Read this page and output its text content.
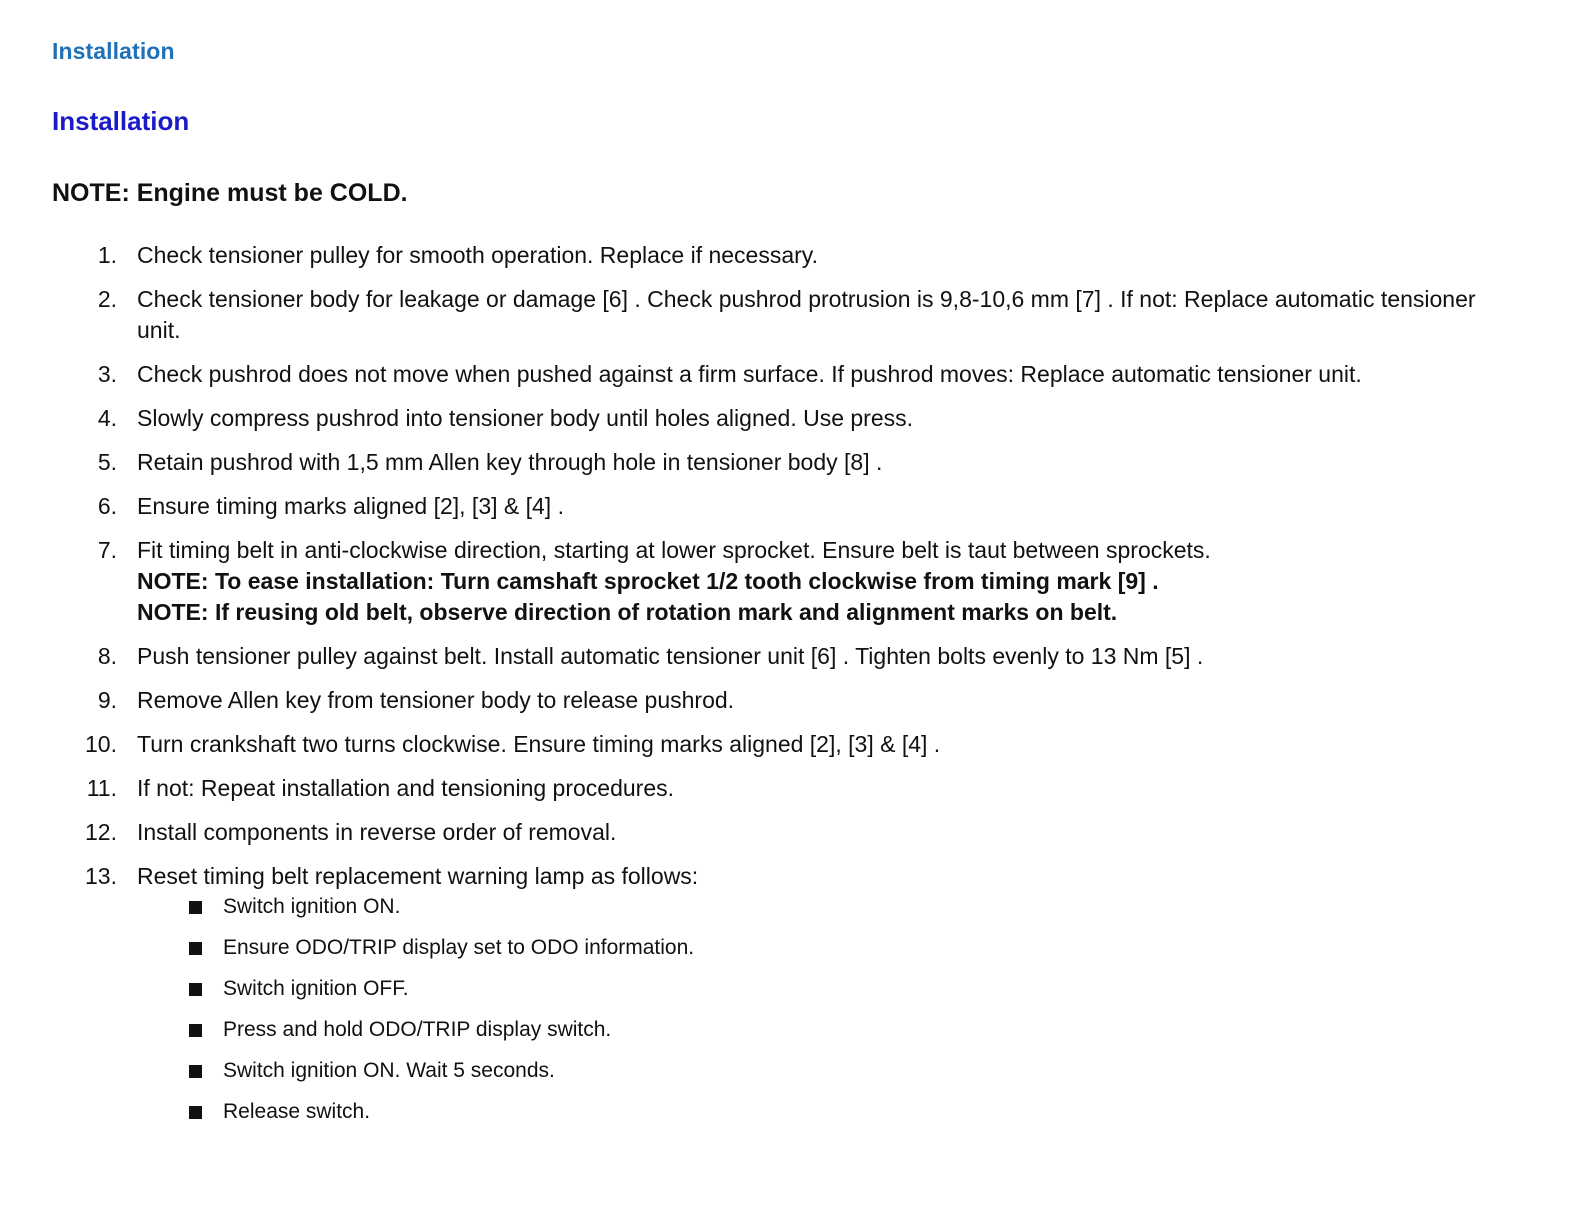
Installation
Installation
NOTE: Engine must be COLD.
1. Check tensioner pulley for smooth operation. Replace if necessary.
2. Check tensioner body for leakage or damage [6] . Check pushrod protrusion is 9,8-10,6 mm [7] . If not: Replace automatic tensioner unit.
3. Check pushrod does not move when pushed against a firm surface. If pushrod moves: Replace automatic tensioner unit.
4. Slowly compress pushrod into tensioner body until holes aligned. Use press.
5. Retain pushrod with 1,5 mm Allen key through hole in tensioner body [8] .
6. Ensure timing marks aligned [2], [3] & [4] .
7. Fit timing belt in anti-clockwise direction, starting at lower sprocket. Ensure belt is taut between sprockets.
NOTE: To ease installation: Turn camshaft sprocket 1/2 tooth clockwise from timing mark [9] .
NOTE: If reusing old belt, observe direction of rotation mark and alignment marks on belt.
8. Push tensioner pulley against belt. Install automatic tensioner unit [6] . Tighten bolts evenly to 13 Nm [5] .
9. Remove Allen key from tensioner body to release pushrod.
10. Turn crankshaft two turns clockwise. Ensure timing marks aligned [2], [3] & [4] .
11. If not: Repeat installation and tensioning procedures.
12. Install components in reverse order of removal.
13. Reset timing belt replacement warning lamp as follows:
Switch ignition ON.
Ensure ODO/TRIP display set to ODO information.
Switch ignition OFF.
Press and hold ODO/TRIP display switch.
Switch ignition ON. Wait 5 seconds.
Release switch.
